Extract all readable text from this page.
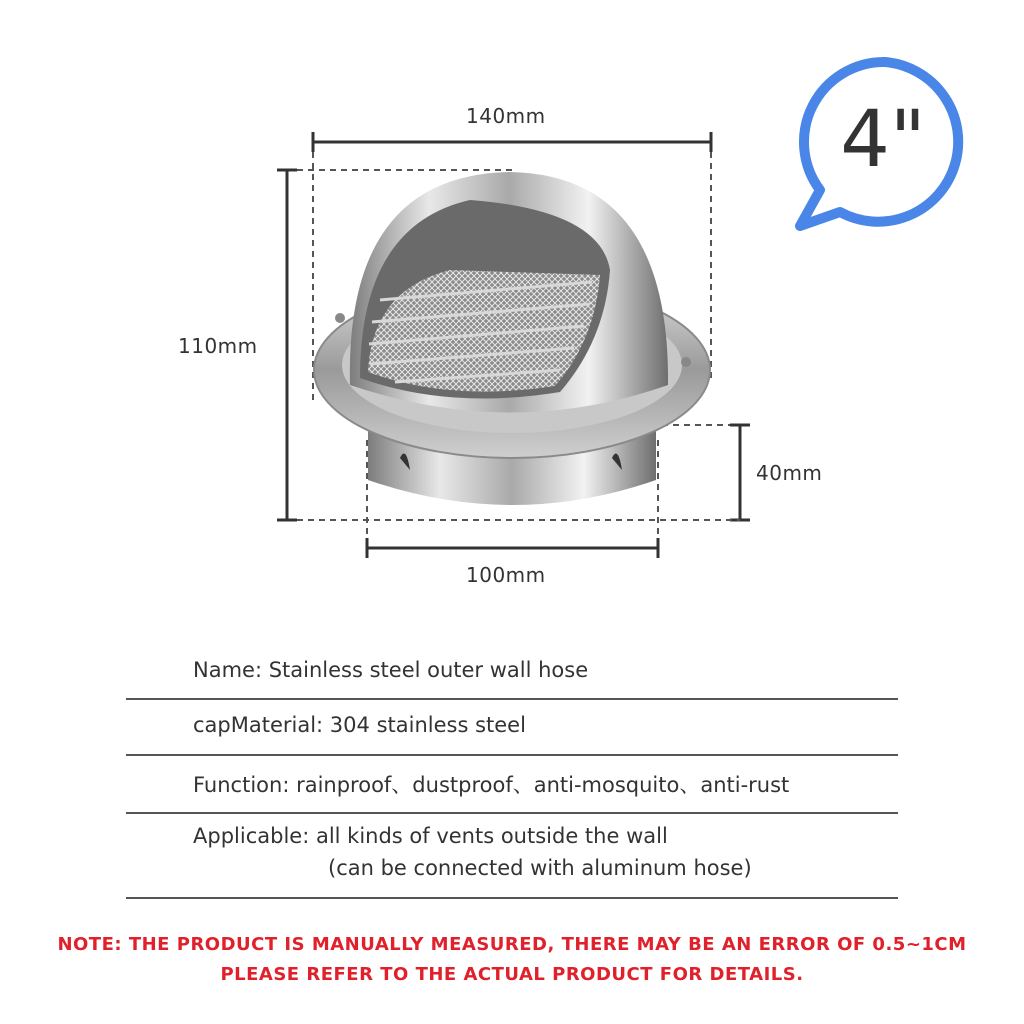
4"
140mm
110mm
40mm
100mm
Name: Stainless steel outer wall hose
capMaterial: 304 stainless steel
Function: rainproof、dustproof、anti-mosquito、anti-rust
Applicable: all kinds of vents outside the wall
(can be connected with aluminum hose)
NOTE: THE PRODUCT IS MANUALLY MEASURED, THERE MAY BE AN ERROR OF 0.5~1CM
PLEASE REFER TO THE ACTUAL PRODUCT FOR DETAILS.
